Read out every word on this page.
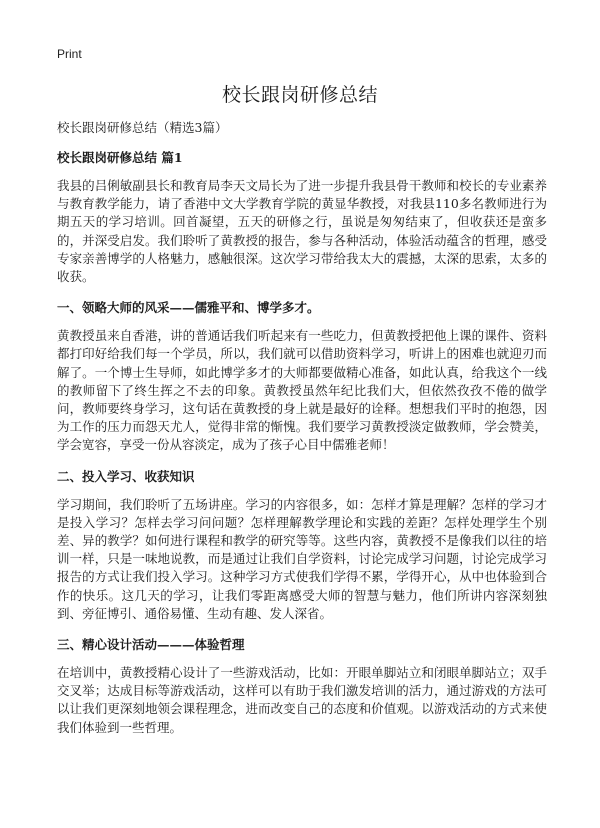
Print
校长跟岗研修总结

校长跟岗研修总结（精选3篇）

校长跟岗研修总结 篇1

我县的吕俐敏副县长和教育局李天文局长为了进一步提升我县骨干教师和校长的专业素养与教育教学能力，请了香港中文大学教育学院的黄显华教授，对我县110多名教师进行为期五天的学习培训。回首凝望，五天的研修之行，虽说是匆匆结束了，但收获还是蛮多的，并深受启发。我们聆听了黄教授的报告，参与各种活动，体验活动蕴含的哲理，感受专家亲善博学的人格魅力，感触很深。这次学习带给我太大的震撼，太深的思索，太多的收获。

一、领略大师的风采——儒雅平和、博学多才。

黄教授虽来自香港，讲的普通话我们听起来有一些吃力，但黄教授把他上课的课件、资料都打印好给我们每一个学员，所以，我们就可以借助资料学习，听讲上的困难也就迎刃而解了。一个博士生导师，如此博学多才的大师都要做精心准备，如此认真，给我这个一线的教师留下了终生挥之不去的印象。黄教授虽然年纪比我们大，但依然孜孜不倦的做学问，教师要终身学习，这句话在黄教授的身上就是最好的诠释。想想我们平时的抱怨，因为工作的压力而怨天尤人，觉得非常的惭愧。我们要学习黄教授淡定做教师，学会赞美，学会宽容，享受一份从容淡定，成为了孩子心目中儒雅老师！

二、投入学习、收获知识

学习期间，我们聆听了五场讲座。学习的内容很多，如：怎样才算是理解？怎样的学习才是投入学习？怎样去学习问问题？怎样理解教学理论和实践的差距？怎样处理学生个别差、异的教学？如何进行课程和教学的研究等等。这些内容，黄教授不是像我们以往的培训一样，只是一味地说教，而是通过让我们自学资料，讨论完成学习问题，讨论完成学习报告的方式让我们投入学习。这种学习方式使我们学得不累，学得开心，从中也体验到合作的快乐。这几天的学习，让我们零距离感受大师的智慧与魅力，他们所讲内容深刻独到、旁征博引、通俗易懂、生动有趣、发人深省。

三、精心设计活动———体验哲理

在培训中，黄教授精心设计了一些游戏活动，比如：开眼单脚站立和闭眼单脚站立；双手交叉举；达成目标等游戏活动，这样可以有助于我们激发培训的活力，通过游戏的方法可以让我们更深刻地领会课程理念，进而改变自己的态度和价值观。以游戏活动的方式来使我们体验到一些哲理。
